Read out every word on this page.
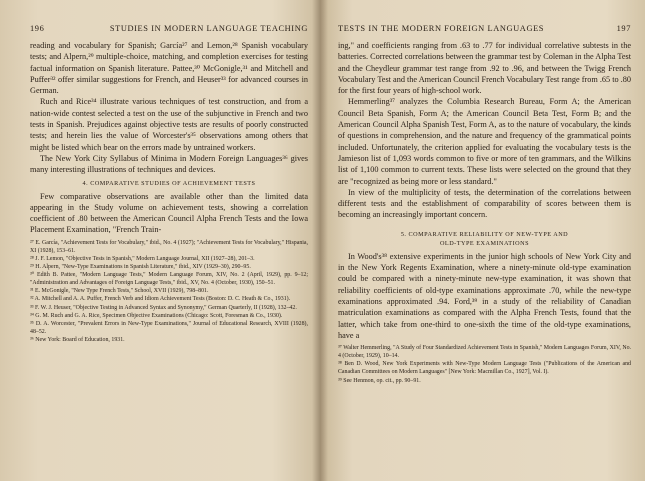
196	STUDIES IN MODERN LANGUAGE TEACHING

reading and vocabulary for Spanish; García²⁷ and Lemon,²⁸ Spanish vocabulary tests; and Alpern,²⁹ multiple-choice, matching, and completion exercises for testing factual information on Spanish literature. Pattee,³⁰ McGonigle,³¹ and Mitchell and Puffer³² offer similar suggestions for French, and Heuser³³ for advanced courses in German.

Ruch and Rice³⁴ illustrate various techniques of test construction, and from a nation-wide contest selected a test on the use of the subjunctive in French and two tests in Spanish. Prejudices against objective tests are results of poorly constructed tests; and herein lies the value of Worcester's³⁵ observations among others that might be listed which bear on the errors made by untrained workers.

The New York City Syllabus of Minima in Modern Foreign Languages³⁶ gives many interesting illustrations of techniques and devices.

4. COMPARATIVE STUDIES OF ACHIEVEMENT TESTS

Few comparative observations are available other than the limited data appearing in the Study volume on achievement tests, showing a correlation coefficient of .80 between the American Council Alpha French Tests and the Iowa Placement Examination, "French Train-

²⁷ E. García, "Achievement Tests for Vocabulary," ibid., No. 4 (1927); "Achievement Tests for Vocabulary," Hispania, XI (1928), 153–61.

²⁸ J. F. Lemon, "Objective Tests in Spanish," Modern Language Journal, XII (1927–28), 201–3.

²⁹ H. Alpern, "New-Type Examinations in Spanish Literature," ibid., XIV (1929–30), 290–95.

³⁰ Edith B. Pattee, "Modern Language Tests," Modern Language Forum, XIV, No. 2 (April, 1929), pp. 9–12; "Administration and Advantages of Foreign Language Tests," ibid., XV, No. 4 (October, 1930), 150–51.

³¹ E. McGonigle, "New Type French Tests," School, XVII (1929), 798–801.

³² A. Mitchell and A. A. Puffer, French Verb and Idiom Achievement Tests (Boston: D. C. Heath & Co., 1931).

³³ F. W. J. Heuser, "Objective Testing in Advanced Syntax and Synonymy," German Quarterly, II (1928), 132–42.

³⁴ G. M. Ruch and G. A. Rice, Specimen Objective Examinations (Chicago: Scott, Foresman & Co., 1930).

³⁵ D. A. Worcester, "Prevalent Errors in New-Type Examinations," Journal of Educational Research, XVIII (1928), 48–52.

³⁶ New York: Board of Education, 1931.

TESTS IN THE MODERN FOREIGN LANGUAGES	197

ing," and coefficients ranging from .63 to .77 for individual correlative subtests in the batteries. Corrected correlations between the grammar test by Coleman in the Alpha Test and the Cheydleur grammar test range from .92 to .96, and between the Twigg French Vocabulary Test and the American Council French Vocabulary Test range from .65 to .80 for the first four years of high-school work.

Hemmerling³⁷ analyzes the Columbia Research Bureau, Form A; the American Council Beta Spanish, Form A; the American Council Beta Test, Form B; and the American Council Alpha Spanish Test, Form A, as to the nature of vocabulary, the kinds of questions in comprehension, and the nature and frequency of the grammatical points included. Unfortunately, the criterion applied for evaluating the vocabulary tests is the Jamieson list of 1,093 words common to five or more of ten grammars, and the Wilkins list of 1,100 common to current texts. These lists were selected on the ground that they are "recognized as being more or less standard."

In view of the multiplicity of tests, the determination of the correlations between different tests and the establishment of comparability of scores between them is becoming an increasingly important concern.

5. COMPARATIVE RELIABILITY OF NEW-TYPE AND
OLD-TYPE EXAMINATIONS

In Wood's³⁸ extensive experiments in the junior high schools of New York City and in the New York Regents Examination, where a ninety-minute old-type examination could be compared with a ninety-minute new-type examination, it was shown that reliability coefficients of old-type examinations approximate .70, while the new-type examinations approximated .94. Ford,³⁹ in a study of the reliability of Canadian matriculation examinations as compared with the Alpha French Tests, found that the latter, which take from one-third to one-sixth the time of the old-type examinations, have a

³⁷ Walter Hemmerling, "A Study of Four Standardized Achievement Tests in Spanish," Modern Languages Forum, XIV, No. 4 (October, 1929), 10–14.

³⁸ Ben D. Wood, New York Experiments with New-Type Modern Language Tests ("Publications of the American and Canadian Committees on Modern Languages" [New York: Macmillan Co., 1927], Vol. I).

³⁹ See Henmon, op. cit., pp. 90–91.
